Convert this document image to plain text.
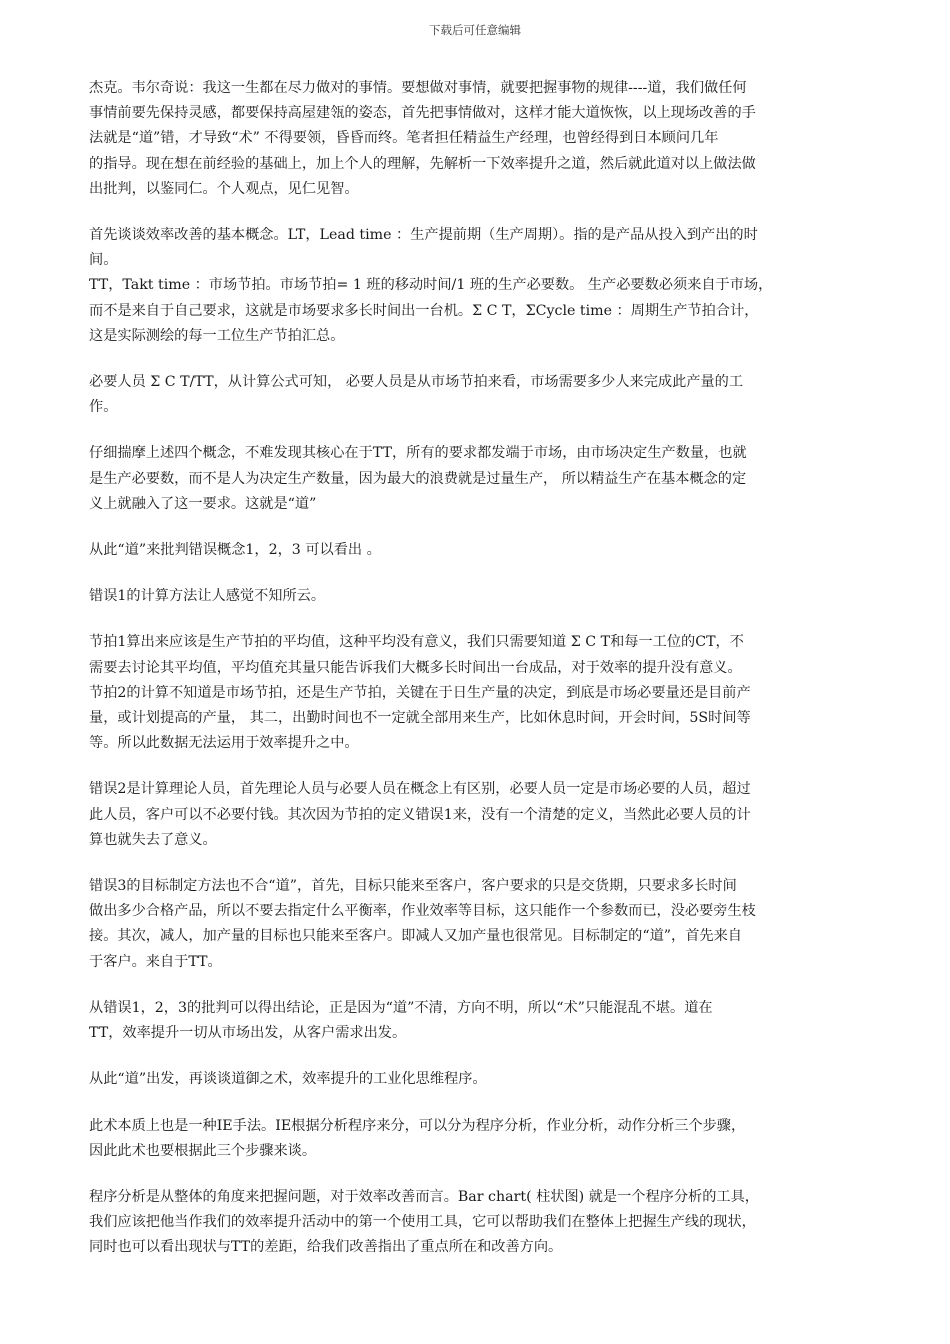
下载后可任意编辑
杰克。韦尔奇说：我这一生都在尽力做对的事情。要想做对事情，就要把握事物的规律----道，我们做任何
事情前要先保持灵感，都要保持高屋建瓴的姿态，首先把事情做对，这样才能大道恢恢，以上现场改善的手
法就是“道”错，才导致“术” 不得要领，昏昏而终。笔者担任精益生产经理，也曾经得到日本顾问几年
的指导。现在想在前经验的基础上，加上个人的理解，先解析一下效率提升之道，然后就此道对以上做法做
出批判，以鉴同仁。个人观点，见仁见智。
首先谈谈效率改善的基本概念。LT，Lead time ：生产提前期（生产周期）。指的是产品从投入到产出的时
间。
TT，Takt time ：市场节拍。市场节拍= 1 班的移动时间/1 班的生产必要数。 生产必要数必须来自于市场，
而不是来自于自己要求，这就是市场要求多长时间出一台机。Σ C T，ΣCycle time ：周期生产节拍合计，
这是实际测绘的每一工位生产节拍汇总。
必要人员 Σ C T/TT，从计算公式可知， 必要人员是从市场节拍来看，市场需要多少人来完成此产量的工
作。
仔细揣摩上述四个概念，不难发现其核心在于TT，所有的要求都发端于市场，由市场决定生产数量，也就
是生产必要数，而不是人为决定生产数量，因为最大的浪费就是过量生产， 所以精益生产在基本概念的定
义上就融入了这一要求。这就是“道”
从此“道”来批判错误概念1，2，3 可以看出 。
错误1的计算方法让人感觉不知所云。
节拍1算出来应该是生产节拍的平均值，这种平均没有意义，我们只需要知道 Σ C T和每一工位的CT，不
需要去讨论其平均值，平均值充其量只能告诉我们大概多长时间出一台成品，对于效率的提升没有意义。
节拍2的计算不知道是市场节拍，还是生产节拍，关键在于日生产量的决定，到底是市场必要量还是目前产
量，或计划提高的产量， 其二，出勤时间也不一定就全部用来生产，比如休息时间，开会时间，5S时间等
等。所以此数据无法运用于效率提升之中。
错误2是计算理论人员，首先理论人员与必要人员在概念上有区别，必要人员一定是市场必要的人员，超过
此人员，客户可以不必要付钱。其次因为节拍的定义错误1来，没有一个清楚的定义，当然此必要人员的计
算也就失去了意义。
错误3的目标制定方法也不合“道”，首先，目标只能来至客户，客户要求的只是交货期，只要求多长时间
做出多少合格产品，所以不要去指定什么平衡率，作业效率等目标，这只能作一个参数而已，没必要旁生枝
接。其次，减人，加产量的目标也只能来至客户。即减人又加产量也很常见。目标制定的“道”，首先来自
于客户。来自于TT。
从错误1，2，3的批判可以得出结论，正是因为“道”不清，方向不明，所以“术”只能混乱不堪。道在
TT，效率提升一切从市场出发，从客户需求出发。
从此“道”出发，再谈谈道御之术，效率提升的工业化思维程序。
此术本质上也是一种IE手法。IE根据分析程序来分，可以分为程序分析，作业分析，动作分析三个步骤，
因此此术也要根据此三个步骤来谈。
程序分析是从整体的角度来把握问题，对于效率改善而言。Bar chart( 柱状图) 就是一个程序分析的工具，
我们应该把他当作我们的效率提升活动中的第一个使用工具，它可以帮助我们在整体上把握生产线的现状，
同时也可以看出现状与TT的差距，给我们改善指出了重点所在和改善方向。
